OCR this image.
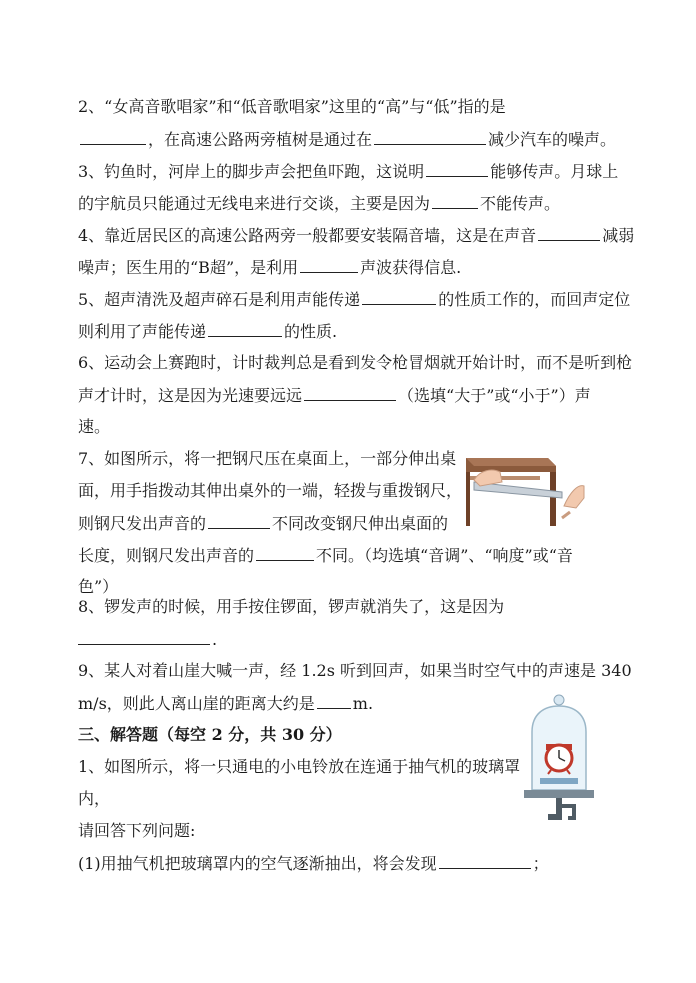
2、“女高音歌唱家”和“低音歌唱家”这里的“高”与“低”指的是
，在高速公路两旁植树是通过在	减少汽车的噪声。
3、钓鱼时，河岸上的脚步声会把鱼吓跑，这说明	能够传声。月球上
的宇航员只能通过无线电来进行交谈，主要是因为	不能传声。
4、靠近居民区的高速公路两旁一般都要安装隔音墙，这是在声音	减弱
噪声；医生用的“B超”，是利用	声波获得信息.
5、超声清洗及超声碎石是利用声能传递	的性质工作的，而回声定位
则利用了声能传递	的性质.
6、运动会上赛跑时，计时裁判总是看到发令枪冒烟就开始计时，而不是听到枪
声才计时，这是因为光速要远远	（选填“大于”或“小于”）声
速。
7、如图所示，将一把钢尺压在桌面上，一部分伸出桌
面，用手指拨动其伸出桌外的一端，轻拨与重拨钢尺，
则钢尺发出声音的	不同改变钢尺伸出桌面的
长度，则钢尺发出声音的	不同。（均选填“音调”、“响度”或“音
色”）
8、锣发声的时候，用手按住锣面，锣声就消失了，这是因为
.
9、某人对着山崖大喊一声，经 1.2s 听到回声，如果当时空气中的声速是 340
m/s，则此人离山崖的距离大约是 m.
三、解答题（每空 2 分，共 30 分）
1、如图所示，将一只通电的小电铃放在连通于抽气机的玻璃罩
内，
请回答下列问题:
(1)用抽气机把玻璃罩内的空气逐渐抽出，将会发现	；
